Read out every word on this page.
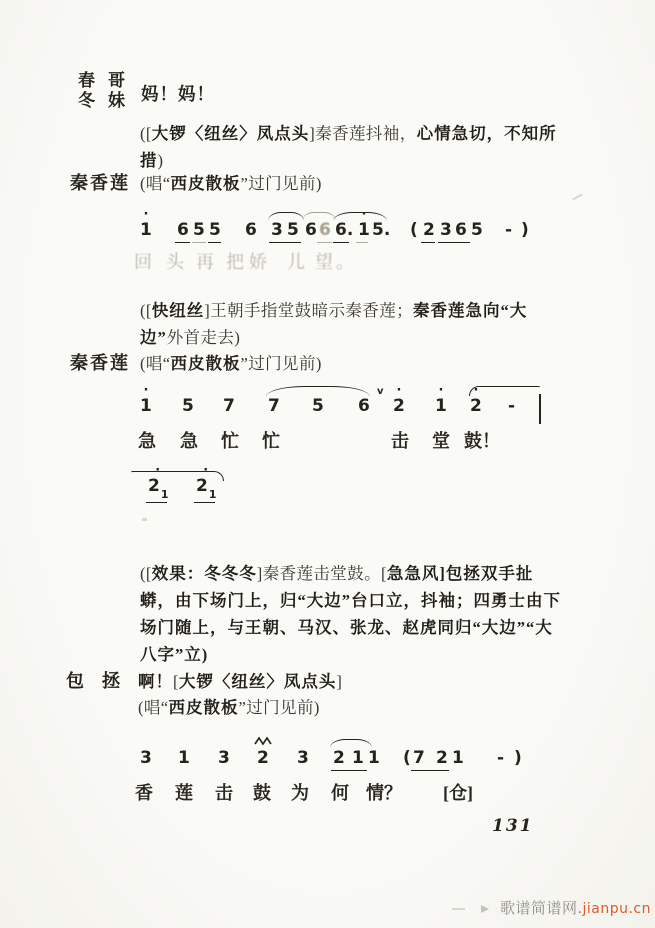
春哥
冬妹 妈！妈！
([大锣〈纽丝〉凤点头]秦香莲抖袖，心情急切，不知所
措)
秦香莲 (唱“西皮散板”过门见前)
1
·
6 5 5 6 3 5 6 6 6. 1
·
5. ( 2 3 6 5 - )
回 头 再 把 娇 儿 望 。
([快纽丝]王朝手指堂鼓暗示秦香莲；秦香莲急向“大
边”外首走去)
秦香莲 (唱“西皮散板”过门见前)
1
·
5 7 7 5 6 2
·
1
·
2
·
-
v
急 急 忙 忙	击 堂 鼓！
2
·
$_1$ 2
·
$_1$
([效果：冬冬冬]秦香莲击堂鼓。[急急风]包拯双手扯
蟒，由下场门上，归“大边”台口立，抖袖；四勇士由下
场门随上，与王朝、马汉、张龙、赵虎同归“大边”“大
八字”立)
包　拯 啊！[大锣〈纽丝〉凤点头]
(唱“西皮散板”过门见前)
3 1 3 2 3 2 1 1 ( 7 2 1 - )
香 莲 击 鼓 为 何 情？ [仓]
131
歌谱简谱网.jianpu.cn
